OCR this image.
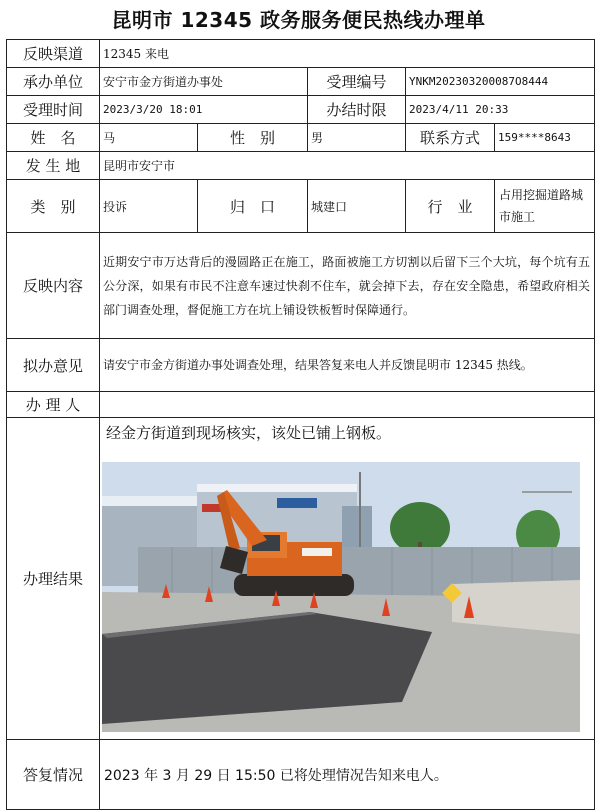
昆明市 12345 政务服务便民热线办理单
反映渠道	12345 来电				
承办单位	安宁市金方街道办事处		受理编号	YNKM202303200087O8444	
受理时间	2023/3/20 18:01		办结时限	2023/4/11 20:33	
姓　名	马	性　别	男	联系方式	159****8643
发 生 地	昆明市安宁市				
类　别	投诉	归　口	城建口	行　业	占用挖掘道路城市施工
反映内容	近期安宁市万达背后的漫圆路正在施工，路面被施工方切割以后留下三个大坑，每个坑有五公分深，如果有市民不注意车速过快刹不住车，就会掉下去，存在安全隐患，希望政府相关部门调查处理，督促施工方在坑上铺设铁板暂时保障通行。				
拟办意见	请安宁市金方街道办事处调查处理，结果答复来电人并反馈昆明市 12345 热线。				
办 理 人					
办理结果	经金方街道到现场核实，该处已铺上钢板。				

答复情况	2023 年 3 月 29 日 15:50 已将处理情况告知来电人。				
